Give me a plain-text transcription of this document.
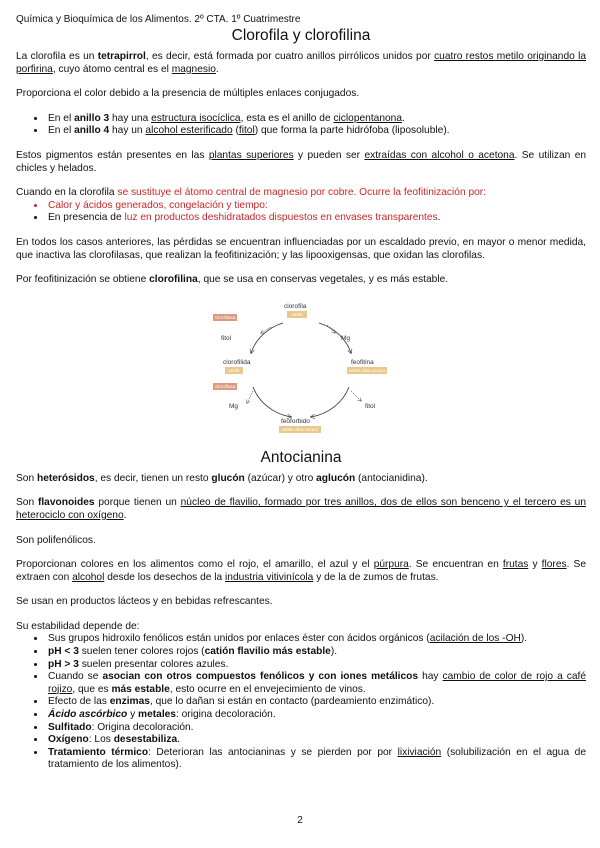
Química y Bioquímica de los Alimentos. 2º CTA. 1º Cuatrimestre
Clorofila y clorofilina

La clorofila es un tetrapirrol, es decir, está formada por cuatro anillos pirrólicos unidos por cuatro restos metilo originando la porfirina, cuyo átomo central es el magnesio.

Proporciona el color debido a la presencia de múltiples enlaces conjugados.

• En el anillo 3 hay una estructura isocíclica, esta es el anillo de ciclopentanona.
• En el anillo 4 hay un alcohol esterificado (fitol) que forma la parte hidrófoba (liposoluble).

Estos pigmentos están presentes en las plantas superiores y pueden ser extraídas con alcohol o acetona. Se utilizan en chicles y helados.

Cuando en la clorofila se sustituye el átomo central de magnesio por cobre. Ocurre la feofitinización por:
• Calor y ácidos generados, congelación y tiempo:
• En presencia de luz en productos deshidratados dispuestos en envases transparentes.

En todos los casos anteriores, las pérdidas se encuentran influenciadas por un escaldado previo, en mayor o menor medida, que inactiva las clorofilasas, que realizan la feofitinización; y las lipooxigensas, que oxidan las clorofilas.

Por feofitinización se obtiene clorofilina, que se usa en conservas vegetales, y es más estable.

clorofila
verde
Mg
feofitina
verde oliva oscuro
fitol
feoforbido
verde oliva oscuro
Mg
clorofilida
verde
fitol
clorofilasa
clorofilasa
Antocianina

Son heterósidos, es decir, tienen un resto glucón (azúcar) y otro aglucón (antocianidina).

Son flavonoides porque tienen un núcleo de flavilio, formado por tres anillos, dos de ellos son benceno y el tercero es un heterociclo con oxígeno.

Son polifenólicos.

Proporcionan colores en los alimentos como el rojo, el amarillo, el azul y el púrpura. Se encuentran en frutas y flores. Se extraen con alcohol desde los desechos de la industria vitivinícola y de la de zumos de frutas.

Se usan en productos lácteos y en bebidas refrescantes.

Su estabilidad depende de:
• Sus grupos hidroxilo fenólicos están unidos por enlaces éster con ácidos orgánicos (acilación de los -OH).
• pH < 3 suelen tener colores rojos (catión flavilio más estable).
• pH > 3 suelen presentar colores azules.
• Cuando se asocian con otros compuestos fenólicos y con iones metálicos hay cambio de color de rojo a café rojizo, que es más estable, esto ocurre en el envejecimiento de vinos.
• Efecto de las enzimas, que lo dañan si están en contacto (pardeamiento enzimático).
• Ácido ascórbico y metales: origina decoloración.
• Sulfitado: Origina decoloración.
• Oxígeno: Los desestabiliza.
• Tratamiento térmico: Deterioran las antocianinas y se pierden por por lixiviación (solubilización en el agua de tratamiento de los alimentos).
2
